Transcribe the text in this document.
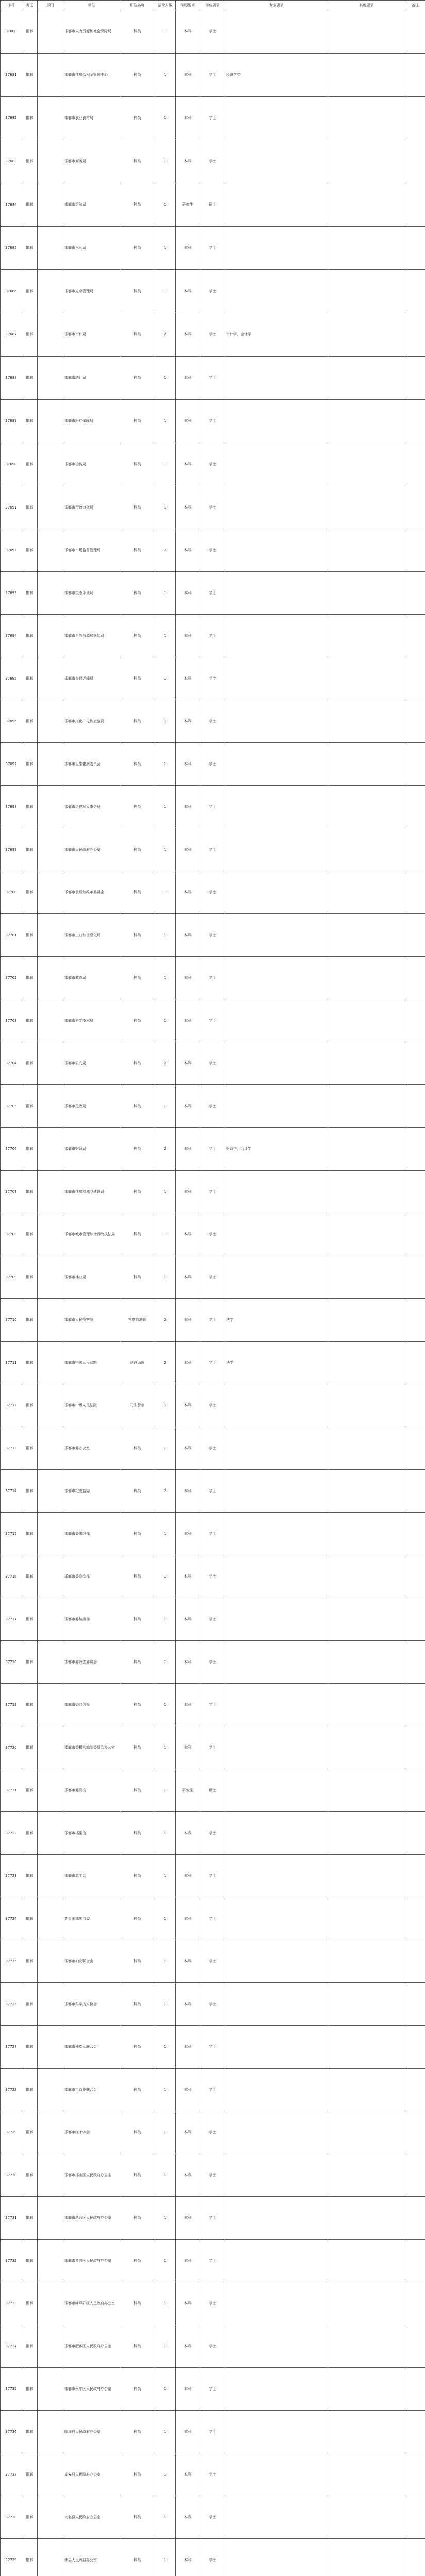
序号	考区	部门	单位	职位名称	招录人数	学历要求	学位要求	专业要求	其他要求	备注
37680	邯郸		邯郸市人力资源和社会保障局	科员	1	本科	学士			
37681	邯郸		邯郸市住房公积金管理中心	科员	1	本科	学士	经济学类		
37682	邯郸		邯郸市农业农村局	科员	1	本科	学士			
37683	邯郸		邯郸市商务局	科员	1	本科	学士			
37684	邯郸		邯郸市司法局	科员	1	研究生	硕士			
37685	邯郸		邯郸市水利局	科员	1	本科	学士			
37686	邯郸		邯郸市应急管理局	科员	1	本科	学士			
37687	邯郸		邯郸市审计局	科员	2	本科	学士	审计学、会计学		
37688	邯郸		邯郸市统计局	科员	1	本科	学士			
37689	邯郸		邯郸市医疗保障局	科员	1	本科	学士			
37690	邯郸		邯郸市信访局	科员	1	本科	学士			
37691	邯郸		邯郸市行政审批局	科员	1	本科	学士			
37692	邯郸		邯郸市市场监督管理局	科员	2	本科	学士			
37693	邯郸		邯郸市生态环境局	科员	1	本科	学士			
37694	邯郸		邯郸市自然资源和规划局	科员	1	本科	学士			
37695	邯郸		邯郸市交通运输局	科员	1	本科	学士			
37696	邯郸		邯郸市文化广电和旅游局	科员	1	本科	学士			
37697	邯郸		邯郸市卫生健康委员会	科员	1	本科	学士			
37698	邯郸		邯郸市退役军人事务局	科员	1	本科	学士			
37699	邯郸		邯郸市人民政府办公室	科员	1	本科	学士			
37700	邯郸		邯郸市发展和改革委员会	科员	1	本科	学士			
37701	邯郸		邯郸市工业和信息化局	科员	1	本科	学士			
37702	邯郸		邯郸市教育局	科员	1	本科	学士			
37703	邯郸		邯郸市科学技术局	科员	1	本科	学士			
37704	邯郸		邯郸市公安局	科员	2	本科	学士			
37705	邯郸		邯郸市民政局	科员	1	本科	学士			
37706	邯郸		邯郸市财政局	科员	2	本科	学士	财政学、会计学		
37707	邯郸		邯郸市住房和城乡建设局	科员	1	本科	学士			
37708	邯郸		邯郸市城市管理综合行政执法局	科员	1	本科	学士			
37709	邯郸		邯郸市林业局	科员	1	本科	学士			
37710	邯郸		邯郸市人民检察院	检察官助理	2	本科	学士	法学		
37711	邯郸		邯郸市中级人民法院	法官助理	2	本科	学士	法学		
37712	邯郸		邯郸市中级人民法院	司法警察	1	本科	学士			
37713	邯郸		邯郸市委办公室	科员	1	本科	学士			
37714	邯郸		邯郸市纪委监委	科员	2	本科	学士			
37715	邯郸		邯郸市委组织部	科员	1	本科	学士			
37716	邯郸		邯郸市委宣传部	科员	1	本科	学士			
37717	邯郸		邯郸市委统战部	科员	1	本科	学士			
37718	邯郸		邯郸市委政法委员会	科员	1	本科	学士			
37719	邯郸		邯郸市委网信办	科员	1	本科	学士			
37720	邯郸		邯郸市委机构编制委员会办公室	科员	1	本科	学士			
37721	邯郸		邯郸市委党校	科员	1	研究生	硕士			
37722	邯郸		邯郸市档案馆	科员	1	本科	学士			
37723	邯郸		邯郸市总工会	科员	1	本科	学士			
37724	邯郸		共青团邯郸市委	科员	1	本科	学士			
37725	邯郸		邯郸市妇女联合会	科员	1	本科	学士			
37726	邯郸		邯郸市科学技术协会	科员	1	本科	学士			
37727	邯郸		邯郸市残疾人联合会	科员	1	本科	学士			
37728	邯郸		邯郸市工商业联合会	科员	1	本科	学士			
37729	邯郸		邯郸市红十字会	科员	1	本科	学士			
37730	邯郸		邯郸市邯山区人民政府办公室	科员	1	本科	学士			
37731	邯郸		邯郸市丛台区人民政府办公室	科员	1	本科	学士			
37732	邯郸		邯郸市复兴区人民政府办公室	科员	1	本科	学士			
37733	邯郸		邯郸市峰峰矿区人民政府办公室	科员	1	本科	学士			
37734	邯郸		邯郸市肥乡区人民政府办公室	科员	1	本科	学士			
37735	邯郸		邯郸市永年区人民政府办公室	科员	1	本科	学士			
37736	邯郸		临漳县人民政府办公室	科员	1	本科	学士			
37737	邯郸		成安县人民政府办公室	科员	1	本科	学士			
37738	邯郸		大名县人民政府办公室	科员	1	本科	学士			
37739	邯郸		涉县人民政府办公室	科员	1	本科	学士			
